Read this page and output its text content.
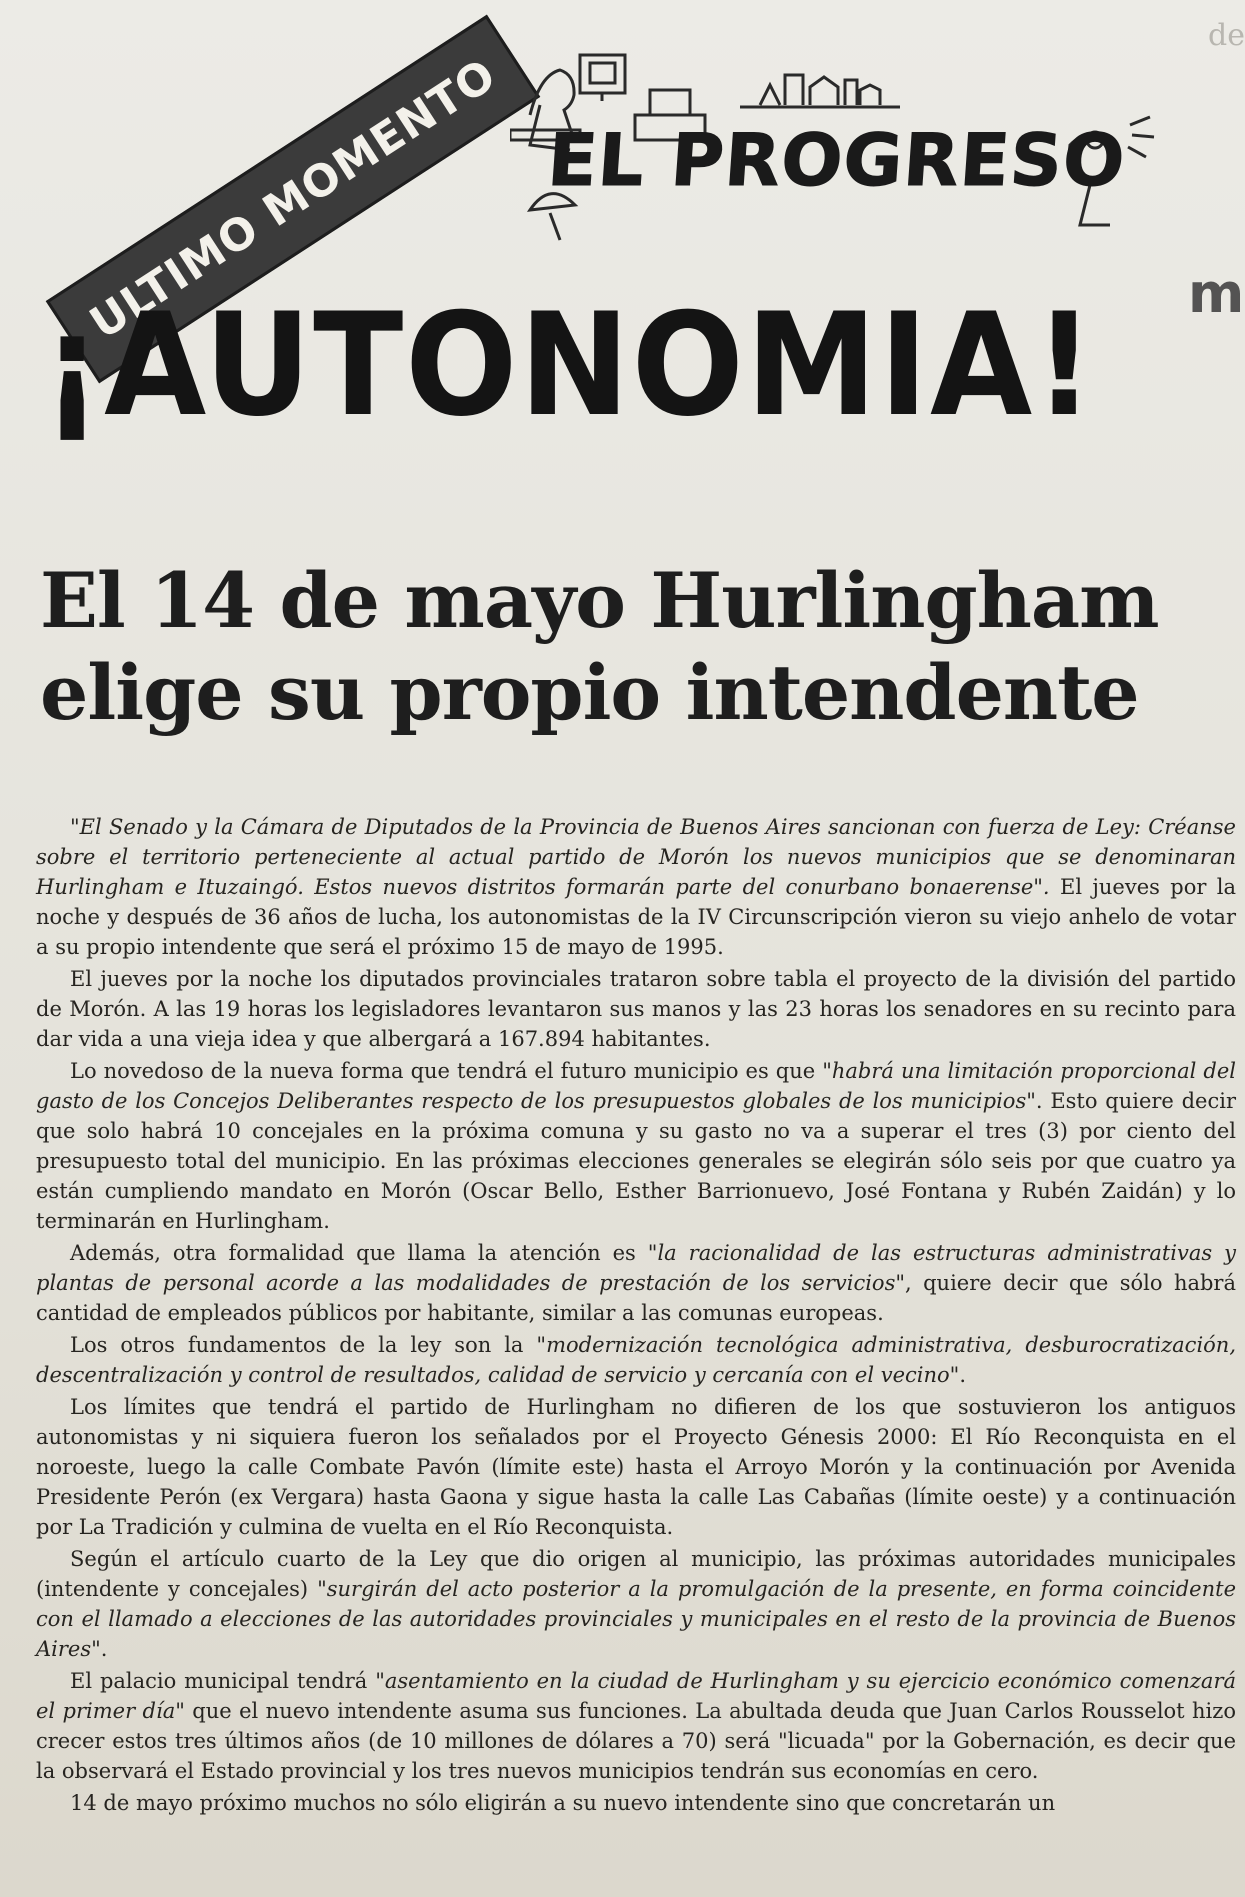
de
m
ULTIMO MOMENTO EL PROGRESO
¡AUTONOMIA!
El 14 de mayo Hurlingham
elige su propio intendente

"El Senado y la Cámara de Diputados de la Provincia de Buenos Aires sancionan con fuerza de Ley: Créanse sobre el territorio perteneciente al actual partido de Morón los nuevos municipios que se denominaran Hurlingham e Ituzaingó. Estos nuevos distritos formarán parte del conurbano bonaerense". El jueves por la noche y después de 36 años de lucha, los autonomistas de la IV Circunscripción vieron su viejo anhelo de votar a su propio intendente que será el próximo 15 de mayo de 1995.

El jueves por la noche los diputados provinciales trataron sobre tabla el proyecto de la división del partido de Morón. A las 19 horas los legisladores levantaron sus manos y las 23 horas los senadores en su recinto para dar vida a una vieja idea y que albergará a 167.894 habitantes.

Lo novedoso de la nueva forma que tendrá el futuro municipio es que "habrá una limitación proporcional del gasto de los Concejos Deliberantes respecto de los presupuestos globales de los municipios". Esto quiere decir que solo habrá 10 concejales en la próxima comuna y su gasto no va a superar el tres (3) por ciento del presupuesto total del municipio. En las próximas elecciones generales se elegirán sólo seis por que cuatro ya están cumpliendo mandato en Morón (Oscar Bello, Esther Barrionuevo, José Fontana y Rubén Zaidán) y lo terminarán en Hurlingham.

Además, otra formalidad que llama la atención es "la racionalidad de las estructuras administrativas y plantas de personal acorde a las modalidades de prestación de los servicios", quiere decir que sólo habrá cantidad de empleados públicos por habitante, similar a las comunas europeas.

Los otros fundamentos de la ley son la "modernización tecnológica administrativa, desburocratización, descentralización y control de resultados, calidad de servicio y cercanía con el vecino".

Los límites que tendrá el partido de Hurlingham no difieren de los que sostuvieron los antiguos autonomistas y ni siquiera fueron los señalados por el Proyecto Génesis 2000: El Río Reconquista en el noroeste, luego la calle Combate Pavón (límite este) hasta el Arroyo Morón y la continuación por Avenida Presidente Perón (ex Vergara) hasta Gaona y sigue hasta la calle Las Cabañas (límite oeste) y a continuación por La Tradición y culmina de vuelta en el Río Reconquista.

Según el artículo cuarto de la Ley que dio origen al municipio, las próximas autoridades municipales (intendente y concejales) "surgirán del acto posterior a la promulgación de la presente, en forma coincidente con el llamado a elecciones de las autoridades provinciales y municipales en el resto de la provincia de Buenos Aires".

El palacio municipal tendrá "asentamiento en la ciudad de Hurlingham y su ejercicio económico comenzará el primer día" que el nuevo intendente asuma sus funciones. La abultada deuda que Juan Carlos Rousselot hizo crecer estos tres últimos años (de 10 millones de dólares a 70) será "licuada" por la Gobernación, es decir que la observará el Estado provincial y los tres nuevos municipios tendrán sus economías en cero.

14 de mayo próximo muchos no sólo eligirán a su nuevo intendente sino que concretarán un
